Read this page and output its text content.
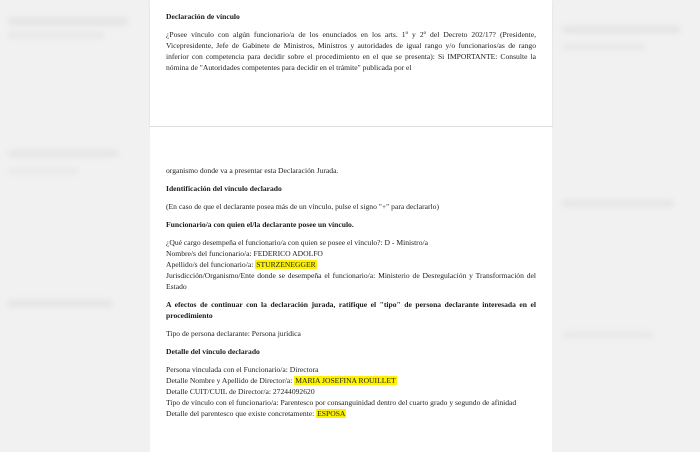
Declaración de vínculo
¿Posee vínculo con algún funcionario/a de los enunciados en los arts. 1º y 2º del Decreto 202/17? (Presidente, Vicepresidente, Jefe de Gabinete de Ministros, Ministros y autoridades de igual rango y/o funcionarios/as de rango inferior con competencia para decidir sobre el procedimiento en el que se presenta): Si IMPORTANTE: Consulte la nómina de "Autoridades competentes para decidir en el trámite" publicada por el
organismo donde va a presentar esta Declaración Jurada.
Identificación del vínculo declarado
(En caso de que el declarante posea más de un vínculo, pulse el signo "+" para declararlo)
Funcionario/a con quien el/la declarante posee un vínculo.

¿Qué cargo desempeña el funcionario/a con quien se posee el vínculo?: D - Ministro/a

Nombre/s del funcionario/a: FEDERICO ADOLFO

Apellido/s del funcionario/a: STURZENEGGER

Jurisdicción/Organismo/Ente donde se desempeña el funcionario/a: Ministerio de Desregulación y Transformación del Estado

A efectos de continuar con la declaración jurada, ratifique el "tipo" de persona declarante interesada en el procedimiento
Tipo de persona declarante: Persona jurídica
Detalle del vínculo declarado

Persona vinculada con el Funcionario/a: Directora

Detalle Nombre y Apellido de Director/a: MARIA JOSEFINA ROUILLET

Detalle CUIT/CUIL de Director/a: 27244092620

Tipo de vínculo con el funcionario/a: Parentesco por consanguinidad dentro del cuarto grado y segundo de afinidad

Detalle del parentesco que existe concretamente: ESPOSA
